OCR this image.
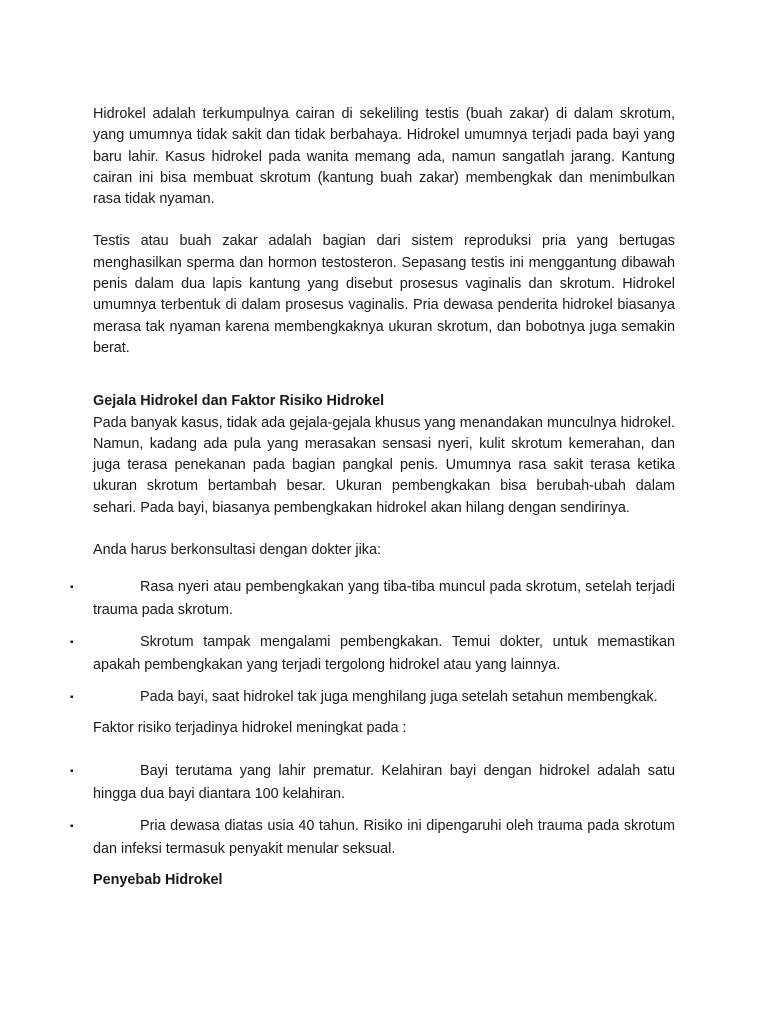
Hidrokel adalah terkumpulnya cairan di sekeliling testis (buah zakar) di dalam skrotum, yang umumnya tidak sakit dan tidak berbahaya. Hidrokel umumnya terjadi pada bayi yang baru lahir. Kasus hidrokel pada wanita memang ada, namun sangatlah jarang. Kantung cairan ini bisa membuat skrotum (kantung buah zakar) membengkak dan menimbulkan rasa tidak nyaman.

Testis atau buah zakar adalah bagian dari sistem reproduksi pria yang bertugas menghasilkan sperma dan hormon testosteron. Sepasang testis ini menggantung dibawah penis dalam dua lapis kantung yang disebut prosesus vaginalis dan skrotum. Hidrokel umumnya terbentuk di dalam prosesus vaginalis. Pria dewasa penderita hidrokel biasanya merasa tak nyaman karena membengkaknya ukuran skrotum, dan bobotnya juga semakin berat.

Gejala Hidrokel dan Faktor Risiko Hidrokel

Pada banyak kasus, tidak ada gejala-gejala khusus yang menandakan munculnya hidrokel. Namun, kadang ada pula yang merasakan sensasi nyeri, kulit skrotum kemerahan, dan juga terasa penekanan pada bagian pangkal penis. Umumnya rasa sakit terasa ketika ukuran skrotum bertambah besar. Ukuran pembengkakan bisa berubah-ubah dalam sehari. Pada bayi, biasanya pembengkakan hidrokel akan hilang dengan sendirinya.

Anda harus berkonsultasi dengan dokter jika:

▪	Rasa nyeri atau pembengkakan yang tiba-tiba muncul pada skrotum, setelah terjadi trauma pada skrotum.
▪	Skrotum tampak mengalami pembengkakan. Temui dokter, untuk memastikan apakah pembengkakan yang terjadi tergolong hidrokel atau yang lainnya.
▪	Pada bayi, saat hidrokel tak juga menghilang juga setelah setahun membengkak.

Faktor risiko terjadinya hidrokel meningkat pada :

▪	Bayi terutama yang lahir prematur. Kelahiran bayi dengan hidrokel adalah satu hingga dua bayi diantara 100 kelahiran.
▪	Pria dewasa diatas usia 40 tahun. Risiko ini dipengaruhi oleh trauma pada skrotum dan infeksi termasuk penyakit menular seksual.

Penyebab Hidrokel
